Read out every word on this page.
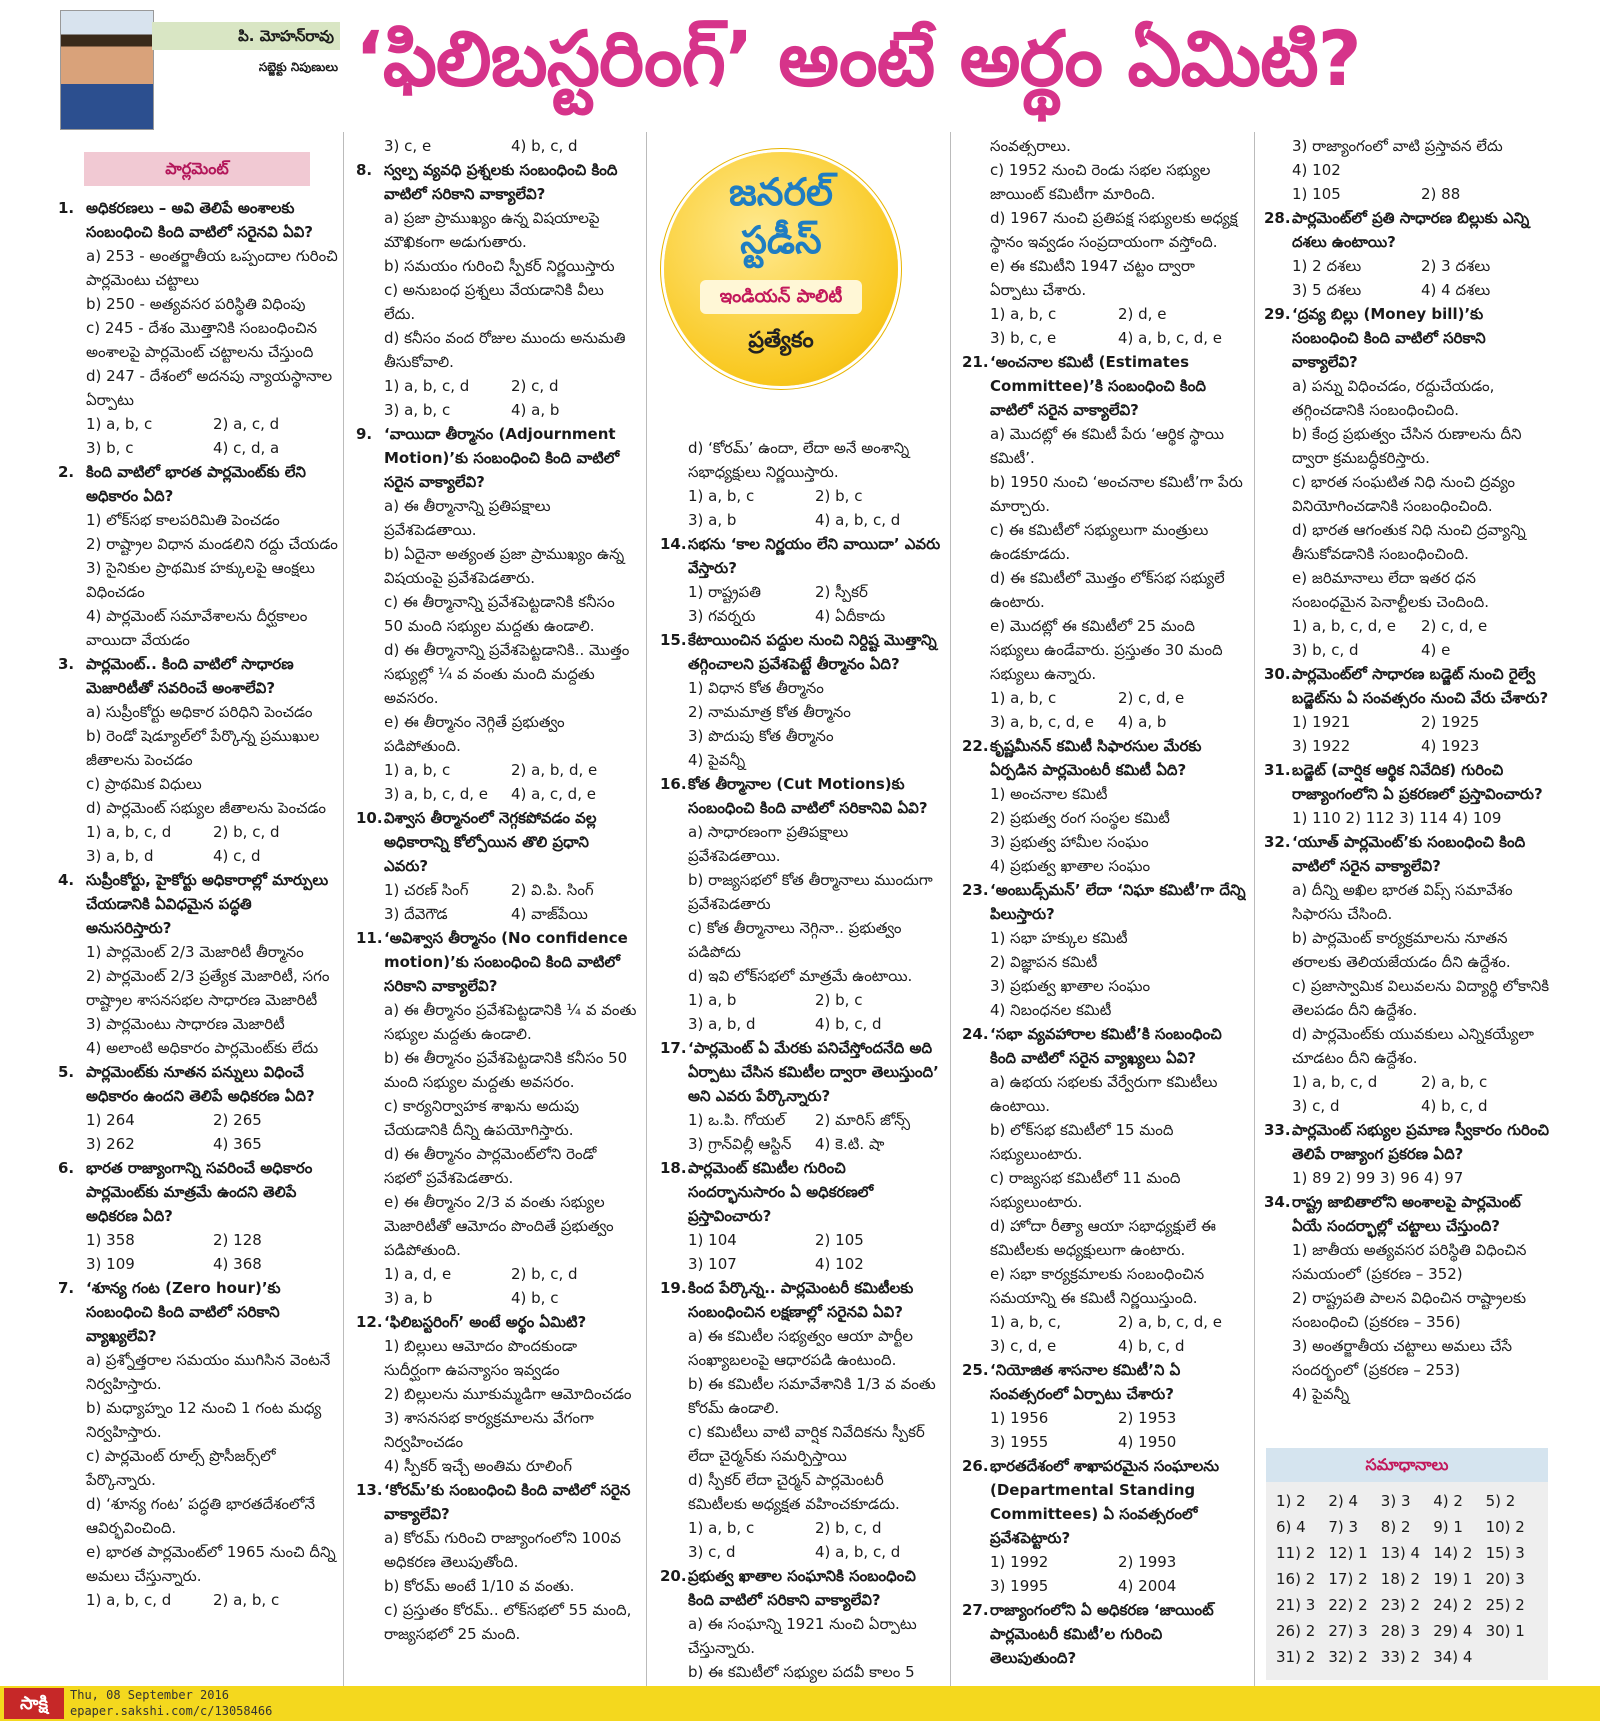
పి. మోహన్‌రావు
సబ్జెక్టు నిపుణులు ‘ఫిలిబస్టరింగ్’ అంటే అర్థం ఏమిటి?
పార్లమెంట్
1. అధికరణలు – అవి తెలిపే అంశాలకు సంబంధించి కింది వాటిలో సరైనవి ఏవి?
a) 253 - అంతర్జాతీయ ఒప్పందాల గురించి పార్లమెంటు చట్టాలు
b) 250 - అత్యవసర పరిస్థితి విధింపు
c) 245 - దేశం మొత్తానికి సంబంధించిన అంశాలపై పార్లమెంట్ చట్టాలను చేస్తుంది
d) 247 - దేశంలో అదనపు న్యాయస్థానాల ఏర్పాటు
1) a, b, c	2) a, c, d
3) b, c	4) c, d, a
2. కింది వాటిలో భారత పార్లమెంట్‌కు లేని అధికారం ఏది?
1) లోక్‌సభ కాలపరిమితి పెంచడం
2) రాష్ట్రాల విధాన మండలిని రద్దు చేయడం
3) సైనికుల ప్రాథమిక హక్కులపై ఆంక్షలు విధించడం
4) పార్లమెంట్ సమావేశాలను దీర్ఘకాలం వాయిదా వేయడం
3. పార్లమెంట్.. కింది వాటిలో సాధారణ మెజారిటీతో సవరించే అంశాలేవి?
a) సుప్రీంకోర్టు అధికార పరిధిని పెంచడం
b) రెండో షెడ్యూల్‌లో పేర్కొన్న ప్రముఖుల జీతాలను పెంచడం
c) ప్రాథమిక విధులు
d) పార్లమెంట్ సభ్యుల జీతాలను పెంచడం
1) a, b, c, d	2) b, c, d
3) a, b, d	4) c, d
4. సుప్రీంకోర్టు, హైకోర్టు అధికారాల్లో మార్పులు చేయడానికి ఏవిధమైన పద్ధతి అనుసరిస్తారు?
1) పార్లమెంట్ 2/3 మెజారిటీ తీర్మానం
2) పార్లమెంట్ 2/3 ప్రత్యేక మెజారిటీ, సగం రాష్ట్రాల శాసనసభల సాధారణ మెజారిటీ
3) పార్లమెంటు సాధారణ మెజారిటీ
4) అలాంటి అధికారం పార్లమెంట్‌కు లేదు
5. పార్లమెంట్‌కు నూతన పన్నులు విధించే అధికారం ఉందని తెలిపే అధికరణ ఏది?
1) 264	2) 265
3) 262	4) 365
6. భారత రాజ్యాంగాన్ని సవరించే అధికారం పార్లమెంట్‌కు మాత్రమే ఉందని తెలిపే అధికరణ ఏది?
1) 358	2) 128
3) 109	4) 368
7. ‘శూన్య గంట (Zero hour)’కు సంబంధించి కింది వాటిలో సరికాని వ్యాఖ్యలేవి?
a) ప్రశ్నోత్తరాల సమయం ముగిసిన వెంటనే నిర్వహిస్తారు.
b) మధ్యాహ్నం 12 నుంచి 1 గంట మధ్య నిర్వహిస్తారు.
c) పార్లమెంట్ రూల్స్ ప్రొసీజర్స్‌లో పేర్కొన్నారు.
d) ‘శూన్య గంట’ పద్ధతి భారతదేశంలోనే ఆవిర్భవించింది.
e) భారత పార్లమెంట్‌లో 1965 నుంచి దీన్ని అమలు చేస్తున్నారు.
1) a, b, c, d	2) a, b, c
3) c, e	4) b, c, d
8. స్వల్ప వ్యవధి ప్రశ్నలకు సంబంధించి కింది వాటిలో సరికాని వాక్యాలేవి?
a) ప్రజా ప్రాముఖ్యం ఉన్న విషయాలపై మౌఖికంగా అడుగుతారు.
b) సమయం గురించి స్పీకర్ నిర్ణయిస్తారు
c) అనుబంధ ప్రశ్నలు వేయడానికి వీలు లేదు.
d) కనీసం వంద రోజుల ముందు అనుమతి తీసుకోవాలి.
1) a, b, c, d	2) c, d
3) a, b, c	4) a, b
9. ‘వాయిదా తీర్మానం (Adjournment Motion)’కు సంబంధించి కింది వాటిలో సరైన వాక్యాలేవి?
a) ఈ తీర్మానాన్ని ప్రతిపక్షాలు ప్రవేశపెడతాయి.
b) ఏదైనా అత్యంత ప్రజా ప్రాముఖ్యం ఉన్న విషయంపై ప్రవేశపెడతారు.
c) ఈ తీర్మానాన్ని ప్రవేశపెట్టడానికి కనీసం 50 మంది సభ్యుల మద్దతు ఉండాలి.
d) ఈ తీర్మానాన్ని ప్రవేశపెట్టడానికి.. మొత్తం సభ్యుల్లో ¼ వ వంతు మంది మద్దతు అవసరం.
e) ఈ తీర్మానం నెగ్గితే ప్రభుత్వం పడిపోతుంది.
1) a, b, c	2) a, b, d, e
3) a, b, c, d, e	4) a, c, d, e
10. విశ్వాస తీర్మానంలో నెగ్గకపోవడం వల్ల అధికారాన్ని కోల్పోయిన తొలి ప్రధాని ఎవరు?
1) చరణ్ సింగ్	2) వి.పి. సింగ్
3) దేవెగౌడ	4) వాజ్‌పేయి
11. ‘అవిశ్వాస తీర్మానం (No confidence motion)’కు సంబంధించి కింది వాటిలో సరికాని వాక్యాలేవి?
a) ఈ తీర్మానం ప్రవేశపెట్టడానికి ¼ వ వంతు సభ్యుల మద్దతు ఉండాలి.
b) ఈ తీర్మానం ప్రవేశపెట్టడానికి కనీసం 50 మంది సభ్యుల మద్దతు అవసరం.
c) కార్యనిర్వాహక శాఖను అదుపు చేయడానికి దీన్ని ఉపయోగిస్తారు.
d) ఈ తీర్మానం పార్లమెంట్‌లోని రెండో సభలో ప్రవేశపెడతారు.
e) ఈ తీర్మానం 2/3 వ వంతు సభ్యుల మెజారిటీతో ఆమోదం పొందితే ప్రభుత్వం పడిపోతుంది.
1) a, d, e	2) b, c, d
3) a, b	4) b, c
12. ‘ఫిలిబస్టరింగ్’ అంటే అర్థం ఏమిటి?
1) బిల్లులు ఆమోదం పొందకుండా సుదీర్ఘంగా ఉపన్యాసం ఇవ్వడం
2) బిల్లులను మూకుమ్మడిగా ఆమోదించడం
3) శాసనసభ కార్యక్రమాలను వేగంగా నిర్వహించడం
4) స్పీకర్ ఇచ్చే అంతిమ రూలింగ్
13. ‘కోరమ్’కు సంబంధించి కింది వాటిలో సరైన వాక్యాలేవి?
a) కోరమ్ గురించి రాజ్యాంగంలోని 100వ అధికరణ తెలుపుతోంది.
b) కోరమ్ అంటే 1/10 వ వంతు.
c) ప్రస్తుతం కోరమ్.. లోక్‌సభలో 55 మంది, రాజ్యసభలో 25 మంది.
d) ‘కోరమ్’ ఉందా, లేదా అనే అంశాన్ని సభాధ్యక్షులు నిర్ణయిస్తారు.
1) a, b, c	2) b, c
3) a, b	4) a, b, c, d
14. సభను ‘కాల నిర్ణయం లేని వాయిదా’ ఎవరు వేస్తారు?
1) రాష్ట్రపతి	2) స్పీకర్
3) గవర్నరు	4) ఏదీకాదు
15. కేటాయించిన పద్దుల నుంచి నిర్దిష్ట మొత్తాన్ని తగ్గించాలని ప్రవేశపెట్టే తీర్మానం ఏది?
1) విధాన కోత తీర్మానం
2) నామమాత్ర కోత తీర్మానం
3) పొదుపు కోత తీర్మానం
4) పైవన్నీ
16. కోత తీర్మానాల (Cut Motions)కు సంబంధించి కింది వాటిలో సరికానివి ఏవి?
a) సాధారణంగా ప్రతిపక్షాలు ప్రవేశపెడతాయి.
b) రాజ్యసభలో కోత తీర్మానాలు ముందుగా ప్రవేశపెడతారు
c) కోత తీర్మానాలు నెగ్గినా.. ప్రభుత్వం పడిపోదు
d) ఇవి లోక్‌సభలో మాత్రమే ఉంటాయి.
1) a, b	2) b, c
3) a, b, d	4) b, c, d
17. ‘పార్లమెంట్ ఏ మేరకు పనిచేస్తోందనేది అది ఏర్పాటు చేసిన కమిటీల ద్వారా తెలుస్తుంది’ అని ఎవరు పేర్కొన్నారు?
1) ఒ.పి. గోయల్	2) మారిస్ జోన్స్
3) గ్రాన్‌విల్లీ ఆస్టిన్	4) కె.టి. షా
18. పార్లమెంట్ కమిటీల గురించి సందర్భానుసారం ఏ అధికరణలో ప్రస్తావించారు?
1) 104	2) 105
3) 107	4) 102
19. కింద పేర్కొన్న.. పార్లమెంటరీ కమిటీలకు సంబంధించిన లక్షణాల్లో సరైనవి ఏవి?
a) ఈ కమిటీల సభ్యత్వం ఆయా పార్టీల సంఖ్యాబలంపై ఆధారపడి ఉంటుంది.
b) ఈ కమిటీల సమావేశానికి 1/3 వ వంతు కోరమ్ ఉండాలి.
c) కమిటీలు వాటి వార్షిక నివేదికను స్పీకర్ లేదా చైర్మన్‌కు సమర్పిస్తాయి
d) స్పీకర్ లేదా చైర్మన్ పార్లమెంటరీ కమిటీలకు అధ్యక్షత వహించకూడదు.
1) a, b, c	2) b, c, d
3) c, d	4) a, b, c, d
20. ప్రభుత్వ ఖాతాల సంఘానికి సంబంధించి కింది వాటిలో సరికాని వాక్యాలేవి?
a) ఈ సంఘాన్ని 1921 నుంచి ఏర్పాటు చేస్తున్నారు.
b) ఈ కమిటీలో సభ్యుల పదవీ కాలం 5
సంవత్సరాలు.
c) 1952 నుంచి రెండు సభల సభ్యుల జాయింట్ కమిటీగా మారింది.
d) 1967 నుంచి ప్రతిపక్ష సభ్యులకు అధ్యక్ష స్థానం ఇవ్వడం సంప్రదాయంగా వస్తోంది.
e) ఈ కమిటీని 1947 చట్టం ద్వారా ఏర్పాటు చేశారు.
1) a, b, c	2) d, e
3) b, c, e	4) a, b, c, d, e
21. ‘అంచనాల కమిటీ (Estimates Committee)’కి సంబంధించి కింది వాటిలో సరైన వాక్యాలేవి?
a) మొదట్లో ఈ కమిటీ పేరు ‘ఆర్థిక స్థాయి కమిటీ’.
b) 1950 నుంచి ‘అంచనాల కమిటీ’గా పేరు మార్చారు.
c) ఈ కమిటీలో సభ్యులుగా మంత్రులు ఉండకూడదు.
d) ఈ కమిటీలో మొత్తం లోక్‌సభ సభ్యులే ఉంటారు.
e) మొదట్లో ఈ కమిటీలో 25 మంది సభ్యులు ఉండేవారు. ప్రస్తుతం 30 మంది సభ్యులు ఉన్నారు.
1) a, b, c	2) c, d, e
3) a, b, c, d, e	4) a, b
22. కృష్ణమీనన్ కమిటీ సిఫారసుల మేరకు ఏర్పడిన పార్లమెంటరీ కమిటీ ఏది?
1) అంచనాల కమిటీ
2) ప్రభుత్వ రంగ సంస్థల కమిటీ
3) ప్రభుత్వ హామీల సంఘం
4) ప్రభుత్వ ఖాతాల సంఘం
23. ‘అంబుడ్స్‌మన్’ లేదా ‘నిఘా కమిటీ’గా దేన్ని పిలుస్తారు?
1) సభా హక్కుల కమిటీ
2) విజ్ఞాపన కమిటీ
3) ప్రభుత్వ ఖాతాల సంఘం
4) నిబంధనల కమిటీ
24. ‘సభా వ్యవహారాల కమిటీ’కి సంబంధించి కింది వాటిలో సరైన వ్యాఖ్యలు ఏవి?
a) ఉభయ సభలకు వేర్వేరుగా కమిటీలు ఉంటాయి.
b) లోక్‌సభ కమిటీలో 15 మంది సభ్యులుంటారు.
c) రాజ్యసభ కమిటీలో 11 మంది సభ్యులుంటారు.
d) హోదా రీత్యా ఆయా సభాధ్యక్షులే ఈ కమిటీలకు అధ్యక్షులుగా ఉంటారు.
e) సభా కార్యక్రమాలకు సంబంధించిన సమయాన్ని ఈ కమిటీ నిర్ణయిస్తుంది.
1) a, b, c,	2) a, b, c, d, e
3) c, d, e	4) b, c, d
25. ‘నియోజిత శాసనాల కమిటీ’ని ఏ సంవత్సరంలో ఏర్పాటు చేశారు?
1) 1956	2) 1953
3) 1955	4) 1950
26. భారతదేశంలో శాఖాపరమైన సంఘాలను (Departmental Standing Committees) ఏ సంవత్సరంలో ప్రవేశపెట్టారు?
1) 1992	2) 1993
3) 1995	4) 2004
27. రాజ్యాంగంలోని ఏ అధికరణ ‘జాయింట్ పార్లమెంటరీ కమిటీ’ల గురించి తెలుపుతుంది?
3) రాజ్యాంగంలో వాటి ప్రస్తావన లేదు
4) 102
1) 105	2) 88
28. పార్లమెంట్‌లో ప్రతి సాధారణ బిల్లుకు ఎన్ని దశలు ఉంటాయి?
1) 2 దశలు	2) 3 దశలు
3) 5 దశలు	4) 4 దశలు
29. ‘ద్రవ్య బిల్లు (Money bill)’కు సంబంధించి కింది వాటిలో సరికాని వాక్యాలేవి?
a) పన్ను విధించడం, రద్దుచేయడం, తగ్గించడానికి సంబంధించింది.
b) కేంద్ర ప్రభుత్వం చేసిన రుణాలను దీని ద్వారా క్రమబద్ధీకరిస్తారు.
c) భారత సంఘటిత నిధి నుంచి ద్రవ్యం వినియోగించడానికి సంబంధించింది.
d) భారత ఆగంతుక నిధి నుంచి ద్రవ్యాన్ని తీసుకోవడానికి సంబంధించింది.
e) జరిమానాలు లేదా ఇతర ధన సంబంధమైన పెనాల్టీలకు చెందింది.
1) a, b, c, d, e	2) c, d, e
3) b, c, d	4) e
30. పార్లమెంట్‌లో సాధారణ బడ్జెట్ నుంచి రైల్వే బడ్జెట్‌ను ఏ సంవత్సరం నుంచి వేరు చేశారు?
1) 1921	2) 1925
3) 1922	4) 1923
31. బడ్జెట్ (వార్షిక ఆర్థిక నివేదిక) గురించి రాజ్యాంగంలోని ఏ ప్రకరణలో ప్రస్తావించారు?
1) 110 2) 112 3) 114 4) 109
32. ‘యూత్ పార్లమెంట్’కు సంబంధించి కింది వాటిలో సరైన వాక్యాలేవి?
a) దీన్ని అఖిల భారత విప్స్ సమావేశం సిఫారసు చేసింది.
b) పార్లమెంట్ కార్యక్రమాలను నూతన తరాలకు తెలియజేయడం దీని ఉద్దేశం.
c) ప్రజాస్వామిక విలువలను విద్యార్థి లోకానికి తెలపడం దీని ఉద్దేశం.
d) పార్లమెంట్‌కు యువకులు ఎన్నికయ్యేలా చూడటం దీని ఉద్దేశం.
1) a, b, c, d	2) a, b, c
3) c, d	4) b, c, d
33. పార్లమెంట్ సభ్యుల ప్రమాణ స్వీకారం గురించి తెలిపే రాజ్యాంగ ప్రకరణ ఏది?
1) 89 2) 99 3) 96 4) 97
34. రాష్ట్ర జాబితాలోని అంశాలపై పార్లమెంట్ ఏయే సందర్భాల్లో చట్టాలు చేస్తుంది?
1) జాతీయ అత్యవసర పరిస్థితి విధించిన సమయంలో (ప్రకరణ – 352)
2) రాష్ట్రపతి పాలన విధించిన రాష్ట్రాలకు సంబంధించి (ప్రకరణ – 356)
3) అంతర్జాతీయ చట్టాలు అమలు చేసే సందర్భంలో (ప్రకరణ – 253)
4) పైవన్నీ
జనరల్
స్టడీస్
ఇండియన్ పాలిటీ
ప్రత్యేకం
సమాధానాలు
1) 2	2) 4	3) 3	4) 2	5) 2
6) 4	7) 3	8) 2	9) 1	10) 2
11) 2 12) 1 13) 4 14) 2 15) 3
16) 2 17) 2 18) 2 19) 1 20) 3
21) 3 22) 2 23) 2 24) 2 25) 2
26) 2 27) 3 28) 3 29) 4 30) 1
31) 2 32) 2 33) 2 34) 4
సాక్షి	Thu, 08 September 2016
epaper.sakshi.com/c/13058466
